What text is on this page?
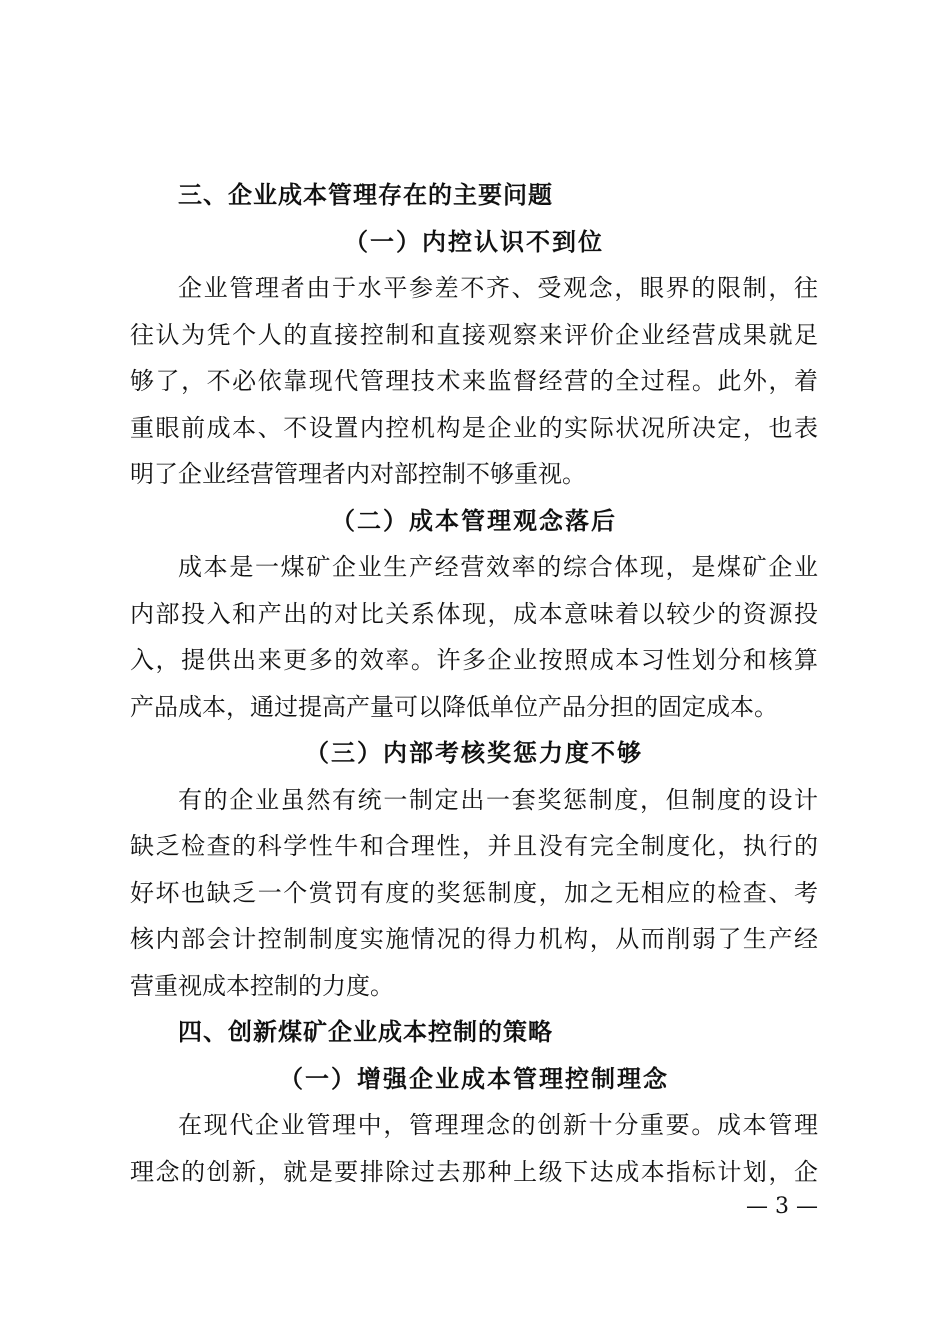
三、企业成本管理存在的主要问题
（一）内控认识不到位
企业管理者由于水平参差不齐、受观念，眼界的限制，往
往认为凭个人的直接控制和直接观察来评价企业经营成果就足
够了，不必依靠现代管理技术来监督经营的全过程。此外，着
重眼前成本、不设置内控机构是企业的实际状况所决定，也表
明了企业经营管理者内对部控制不够重视。
（二）成本管理观念落后
成本是一煤矿企业生产经营效率的综合体现，是煤矿企业
内部投入和产出的对比关系体现，成本意味着以较少的资源投
入，提供出来更多的效率。许多企业按照成本习性划分和核算
产品成本，通过提高产量可以降低单位产品分担的固定成本。
（三）内部考核奖惩力度不够
有的企业虽然有统一制定出一套奖惩制度，但制度的设计
缺乏检查的科学性牛和合理性，并且没有完全制度化，执行的
好坏也缺乏一个赏罚有度的奖惩制度，加之无相应的检查、考
核内部会计控制制度实施情况的得力机构，从而削弱了生产经
营重视成本控制的力度。
四、创新煤矿企业成本控制的策略
（一）增强企业成本管理控制理念
在现代企业管理中，管理理念的创新十分重要。成本管理
理念的创新，就是要排除过去那种上级下达成本指标计划，企
— 3 —
